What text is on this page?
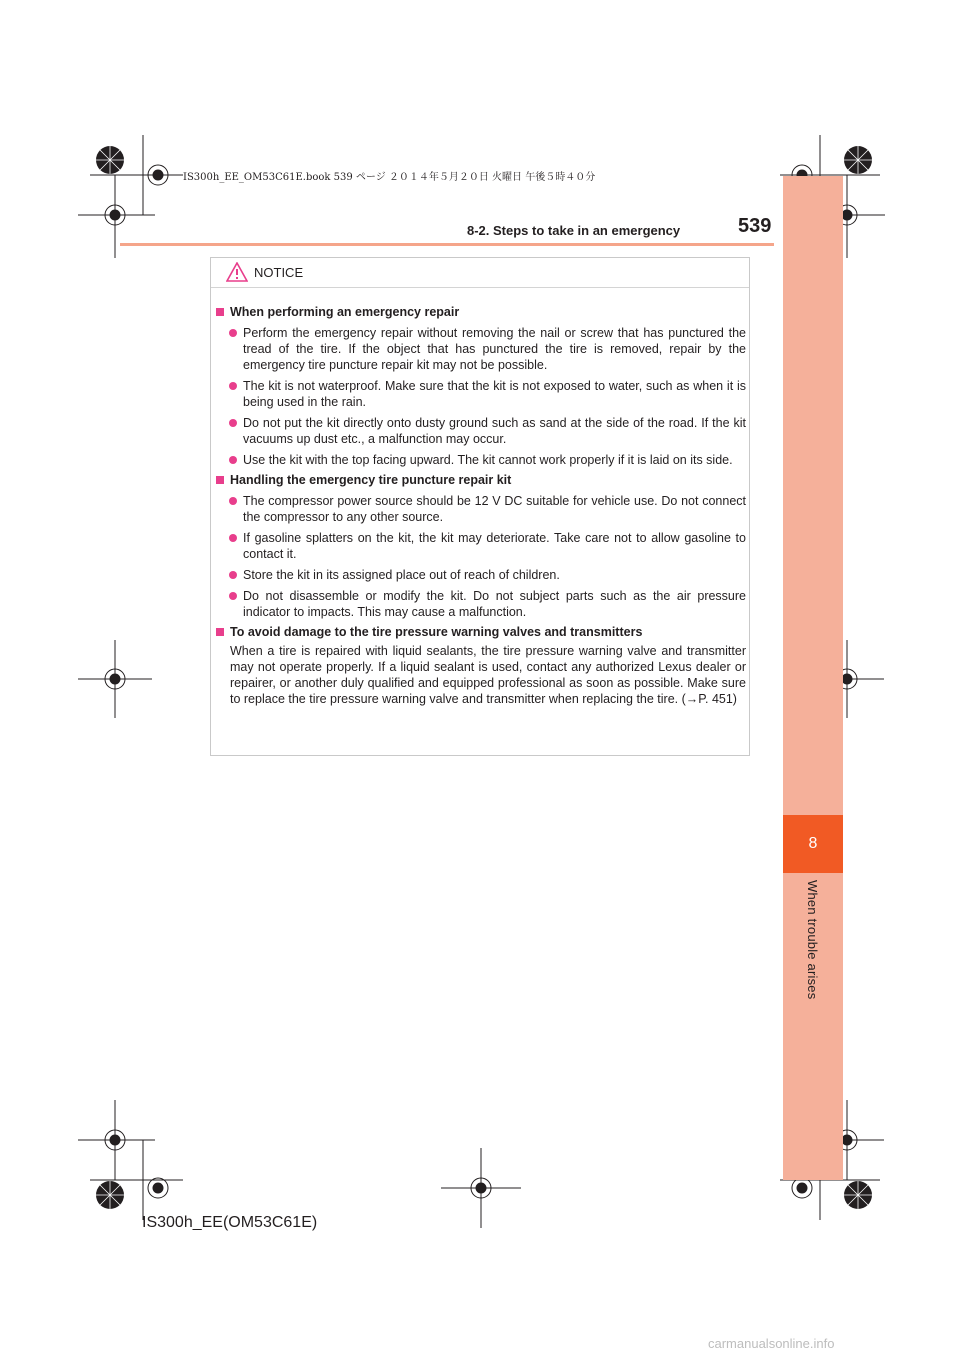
8
When trouble arises
IS300h_EE_OM53C61E.book 539 ページ ２０１４年５月２０日 火曜日 午後５時４０分
8-2. Steps to take in an emergency	539
NOTICE
When performing an emergency repair
Perform the emergency repair without removing the nail or screw that has punctured the tread of the tire. If the object that has punctured the tire is removed, repair by the emergency tire puncture repair kit may not be possible.
The kit is not waterproof. Make sure that the kit is not exposed to water, such as when it is being used in the rain.
Do not put the kit directly onto dusty ground such as sand at the side of the road. If the kit vacuums up dust etc., a malfunction may occur.
Use the kit with the top facing upward. The kit cannot work properly if it is laid on its side.
Handling the emergency tire puncture repair kit
The compressor power source should be 12 V DC suitable for vehicle use. Do not connect the compressor to any other source.
If gasoline splatters on the kit, the kit may deteriorate. Take care not to allow gasoline to contact it.
Store the kit in its assigned place out of reach of children.
Do not disassemble or modify the kit. Do not subject parts such as the air pressure indicator to impacts. This may cause a malfunction.
To avoid damage to the tire pressure warning valves and transmitters
When a tire is repaired with liquid sealants, the tire pressure warning valve and transmitter may not operate properly. If a liquid sealant is used, contact any authorized Lexus dealer or repairer, or another duly qualified and equipped professional as soon as possible. Make sure to replace the tire pressure warning valve and transmitter when replacing the tire. (→P. 451)
IS300h_EE(OM53C61E)
carmanualsonline.info
